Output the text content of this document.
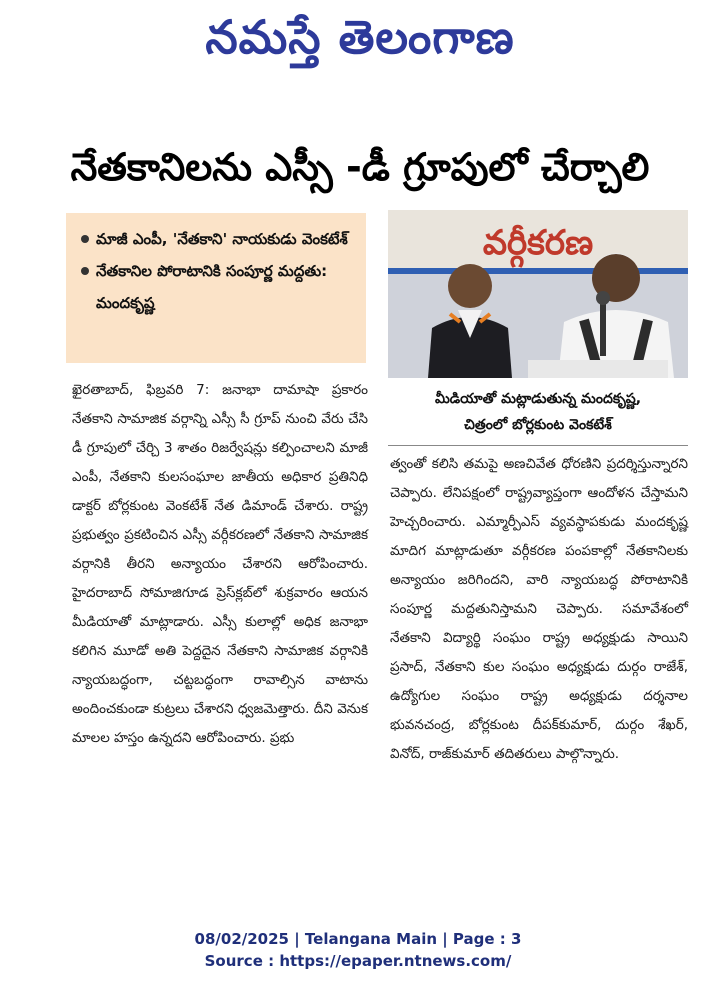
నమస్తే తెలంగాణ
నేతకానిలను ఎస్సీ -డీ గ్రూపులో చేర్చాలి
మాజీ ఎంపీ, 'నేతకాని' నాయకుడు వెంకటేశ్
నేతకానిల పోరాటానికి సంపూర్ణ మద్దతు: మందకృష్ణ
వర్గీకరణ
మీడియాతో మట్లాడుతున్న మందకృష్ణ,
చిత్రంలో బోర్లకుంట వెంకటేశ్

ఖైరతాబాద్, ఫిబ్రవరి 7: జనాభా దామాషా ప్రకారం నేతకాని సామాజిక వర్గాన్ని ఎస్సీ సీ గ్రూప్ నుంచి వేరు చేసి డీ గ్రూపులో చేర్చి 3 శాతం రిజర్వేషన్లు కల్పించాలని మాజీ ఎంపీ, నేతకాని కులసంఘాల జాతీయ అధికార ప్రతినిధి డాక్టర్ బోర్లకుంట వెంకటేశ్ నేత డిమాండ్ చేశారు. రాష్ట్ర ప్రభుత్వం ప్రకటించిన ఎస్సీ వర్గీకరణలో నేతకాని సామాజిక వర్గానికి తీరని అన్యాయం చేశారని ఆరోపించారు. హైదరాబాద్ సోమాజిగూడ ప్రెస్‌క్లబ్‌లో శుక్రవారం ఆయన మీడియాతో మాట్లాడారు. ఎస్సీ కులాల్లో అధిక జనాభా కలిగిన మూడో అతి పెద్దదైన నేతకాని సామాజిక వర్గానికి న్యాయబద్ధంగా, చట్టబద్ధంగా రావాల్సిన వాటాను అందించకుండా కుట్రలు చేశారని ధ్వజమెత్తారు. దీని వెనుక మాలల హస్తం ఉన్నదని ఆరోపించారు. ప్రభు

త్వంతో కలిసి తమపై అణచివేత ధోరణిని ప్రదర్శిస్తున్నారని చెప్పారు. లేనిపక్షంలో రాష్ట్రవ్యాప్తంగా ఆందోళన చేస్తామని హెచ్చరించారు. ఎమ్మార్పీఎస్ వ్యవస్థాపకుడు మందకృష్ణ మాదిగ మాట్లాడుతూ వర్గీకరణ పంపకాల్లో నేతకానిలకు అన్యాయం జరిగిందని, వారి న్యాయబద్ధ పోరాటానికి సంపూర్ణ మద్దతునిస్తామని చెప్పారు. సమావేశంలో నేతకాని విద్యార్థి సంఘం రాష్ట్ర అధ్యక్షుడు సాయిని ప్రసాద్, నేతకాని కుల సంఘం అధ్యక్షుడు దుర్గం రాజేశ్, ఉద్యోగుల సంఘం రాష్ట్ర అధ్యక్షుడు దర్శనాల భువనచంద్ర, బోర్లకుంట దీపక్‌కుమార్, దుర్గం శేఖర్, వినోద్, రాజ్‌కుమార్ తదితరులు పాల్గొన్నారు.

08/02/2025 | Telangana Main | Page : 3
Source : https://epaper.ntnews.com/
